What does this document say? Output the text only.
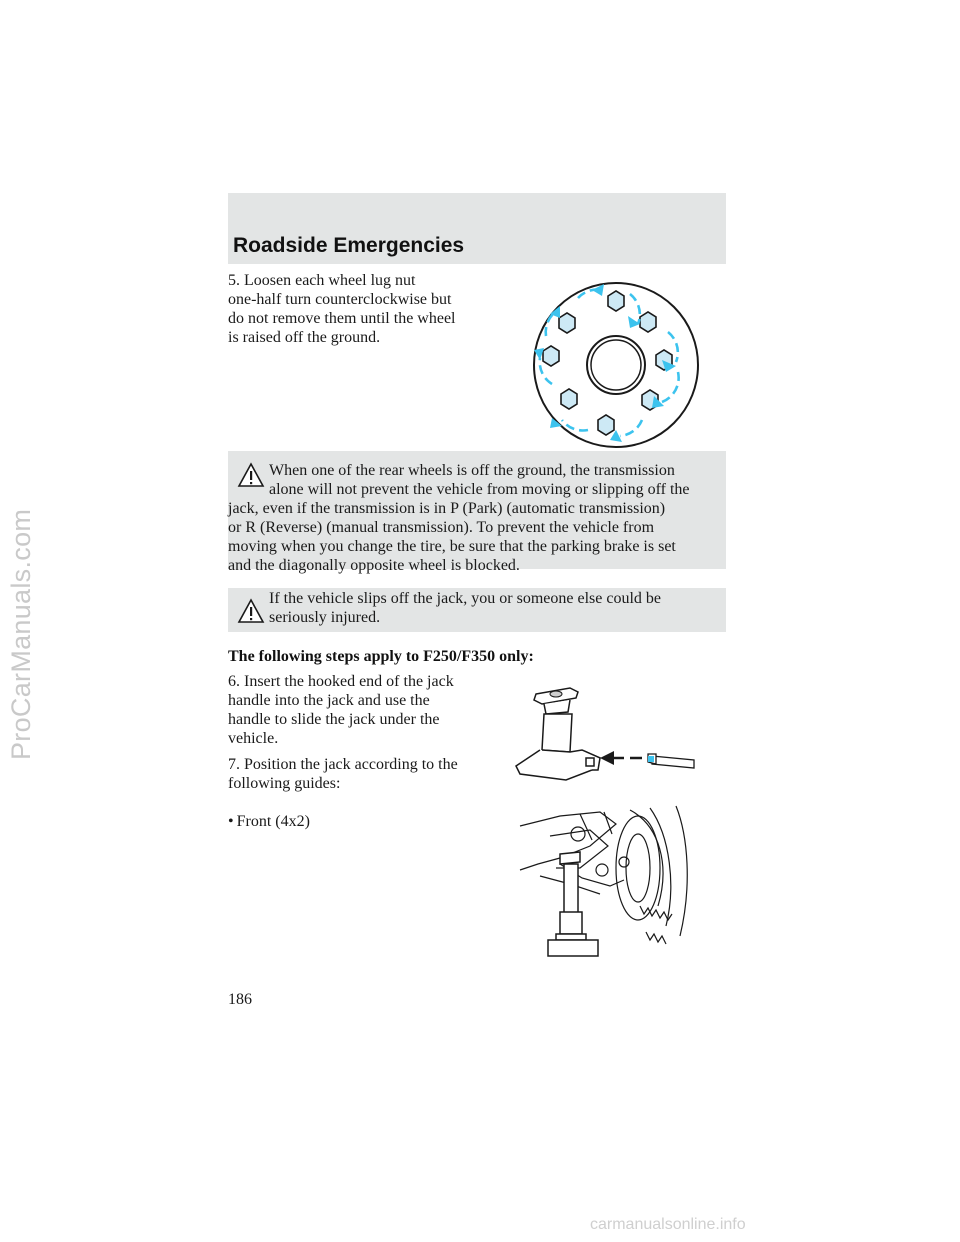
ProCarManuals.com
Roadside Emergencies
5. Loosen each wheel lug nut
one-half turn counterclockwise but
do not remove them until the wheel
is raised off the ground.
When one of the rear wheels is off the ground, the transmission
alone will not prevent the vehicle from moving or slipping off the
jack, even if the transmission is in P (Park) (automatic transmission)
or R (Reverse) (manual transmission). To prevent the vehicle from
moving when you change the tire, be sure that the parking brake is set
and the diagonally opposite wheel is blocked.
If the vehicle slips off the jack, you or someone else could be
seriously injured.
The following steps apply to F250/F350 only:
6. Insert the hooked end of the jack
handle into the jack and use the
handle to slide the jack under the
vehicle.
7. Position the jack according to the
following guides:
• Front (4x2)
186
carmanualsonline.info
